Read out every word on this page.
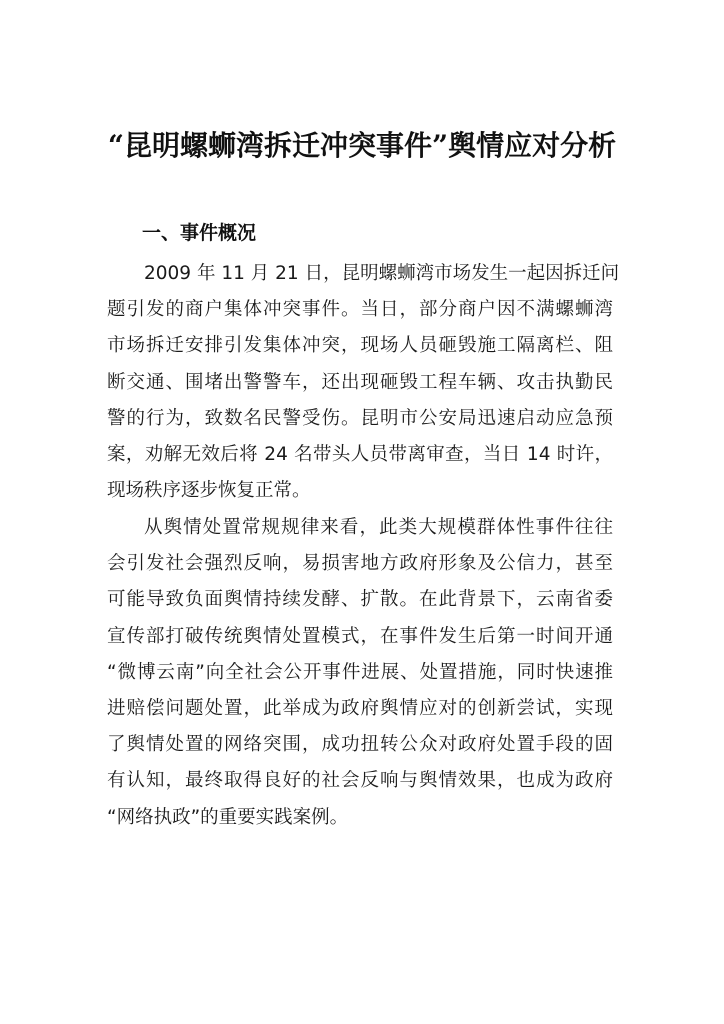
“昆明螺蛳湾拆迁冲突事件”舆情应对分析
一、事件概况
2009 年 11 月 21 日，昆明螺蛳湾市场发生一起因拆迁问
题引发的商户集体冲突事件。当日，部分商户因不满螺蛳湾
市场拆迁安排引发集体冲突，现场人员砸毁施工隔离栏、阻
断交通、围堵出警警车，还出现砸毁工程车辆、攻击执勤民
警的行为，致数名民警受伤。昆明市公安局迅速启动应急预
案，劝解无效后将 24 名带头人员带离审查，当日 14 时许，
现场秩序逐步恢复正常。
从舆情处置常规规律来看，此类大规模群体性事件往往
会引发社会强烈反响，易损害地方政府形象及公信力，甚至
可能导致负面舆情持续发酵、扩散。在此背景下，云南省委
宣传部打破传统舆情处置模式，在事件发生后第一时间开通
“微博云南”向全社会公开事件进展、处置措施，同时快速推
进赔偿问题处置，此举成为政府舆情应对的创新尝试，实现
了舆情处置的网络突围，成功扭转公众对政府处置手段的固
有认知，最终取得良好的社会反响与舆情效果，也成为政府
“网络执政”的重要实践案例。
